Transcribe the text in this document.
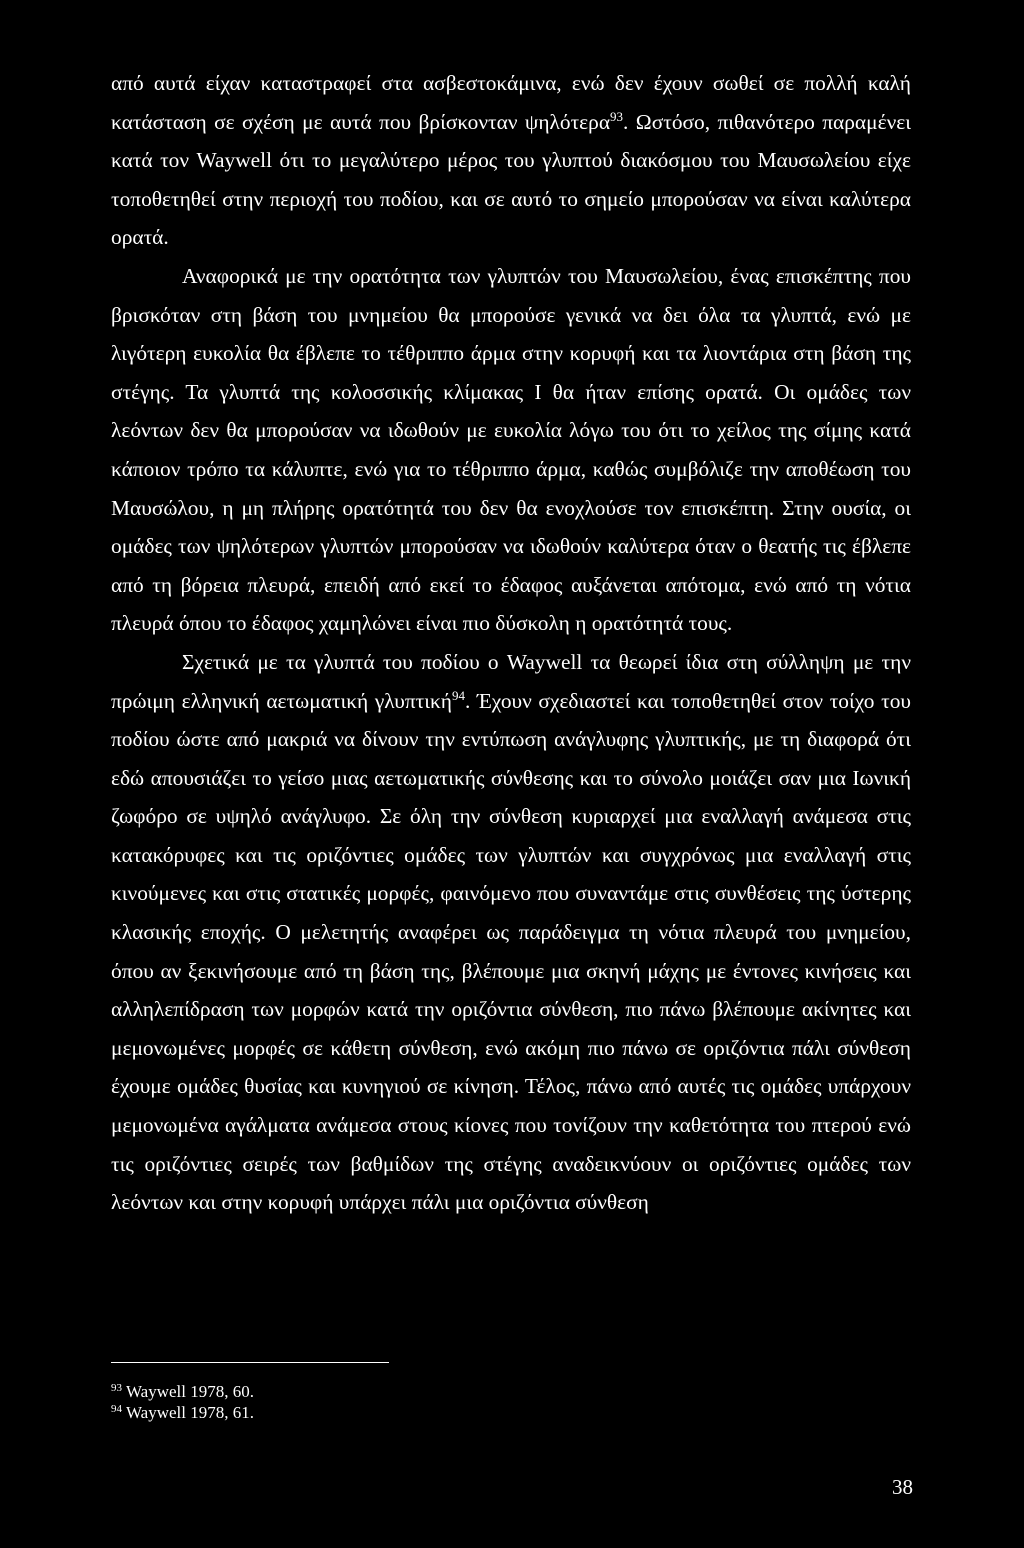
από αυτά είχαν καταστραφεί στα ασβεστοκάμινα, ενώ δεν έχουν σωθεί σε πολλή καλή κατάσταση σε σχέση με αυτά που βρίσκονταν ψηλότερα$^{93}$. Ωστόσο, πιθανότερο παραμένει κατά τον Waywell ότι το μεγαλύτερο μέρος του γλυπτού διακόσμου του Μαυσωλείου είχε τοποθετηθεί στην περιοχή του ποδίου, και σε αυτό το σημείο μπορούσαν να είναι καλύτερα ορατά.

Αναφορικά με την ορατότητα των γλυπτών του Μαυσωλείου, ένας επισκέπτης που βρισκόταν στη βάση του μνημείου θα μπορούσε γενικά να δει όλα τα γλυπτά, ενώ με λιγότερη ευκολία θα έβλεπε το τέθριππο άρμα στην κορυφή και τα λιοντάρια στη βάση της στέγης. Τα γλυπτά της κολοσσικής κλίμακας I θα ήταν επίσης ορατά. Οι ομάδες των λεόντων δεν θα μπορούσαν να ιδωθούν με ευκολία λόγω του ότι το χείλος της σίμης κατά κάποιον τρόπο τα κάλυπτε, ενώ για το τέθριππο άρμα, καθώς συμβόλιζε την αποθέωση του Μαυσώλου, η μη πλήρης ορατότητά του δεν θα ενοχλούσε τον επισκέπτη. Στην ουσία, οι ομάδες των ψηλότερων γλυπτών μπορούσαν να ιδωθούν καλύτερα όταν ο θεατής τις έβλεπε από τη βόρεια πλευρά, επειδή από εκεί το έδαφος αυξάνεται απότομα, ενώ από τη νότια πλευρά όπου το έδαφος χαμηλώνει είναι πιο δύσκολη η ορατότητά τους.

Σχετικά με τα γλυπτά του ποδίου ο Waywell τα θεωρεί ίδια στη σύλληψη με την πρώιμη ελληνική αετωματική γλυπτική$^{94}$. Έχουν σχεδιαστεί και τοποθετηθεί στον τοίχο του ποδίου ώστε από μακριά να δίνουν την εντύπωση ανάγλυφης γλυπτικής, με τη διαφορά ότι εδώ απουσιάζει το γείσο μιας αετωματικής σύνθεσης και το σύνολο μοιάζει σαν μια Ιωνική ζωφόρο σε υψηλό ανάγλυφο. Σε όλη την σύνθεση κυριαρχεί μια εναλλαγή ανάμεσα στις κατακόρυφες και τις οριζόντιες ομάδες των γλυπτών και συγχρόνως μια εναλλαγή στις κινούμενες και στις στατικές μορφές, φαινόμενο που συναντάμε στις συνθέσεις της ύστερης κλασικής εποχής. Ο μελετητής αναφέρει ως παράδειγμα τη νότια πλευρά του μνημείου, όπου αν ξεκινήσουμε από τη βάση της, βλέπουμε μια σκηνή μάχης με έντονες κινήσεις και αλληλεπίδραση των μορφών κατά την οριζόντια σύνθεση, πιο πάνω βλέπουμε ακίνητες και μεμονωμένες μορφές σε κάθετη σύνθεση, ενώ ακόμη πιο πάνω σε οριζόντια πάλι σύνθεση έχουμε ομάδες θυσίας και κυνηγιού σε κίνηση. Τέλος, πάνω από αυτές τις ομάδες υπάρχουν μεμονωμένα αγάλματα ανάμεσα στους κίονες που τονίζουν την καθετότητα του πτερού ενώ τις οριζόντιες σειρές των βαθμίδων της στέγης αναδεικνύουν οι οριζόντιες ομάδες των λεόντων και στην κορυφή υπάρχει πάλι μια οριζόντια σύνθεση

$^{93}$ Waywell 1978, 60.

$^{94}$ Waywell 1978, 61.

38
